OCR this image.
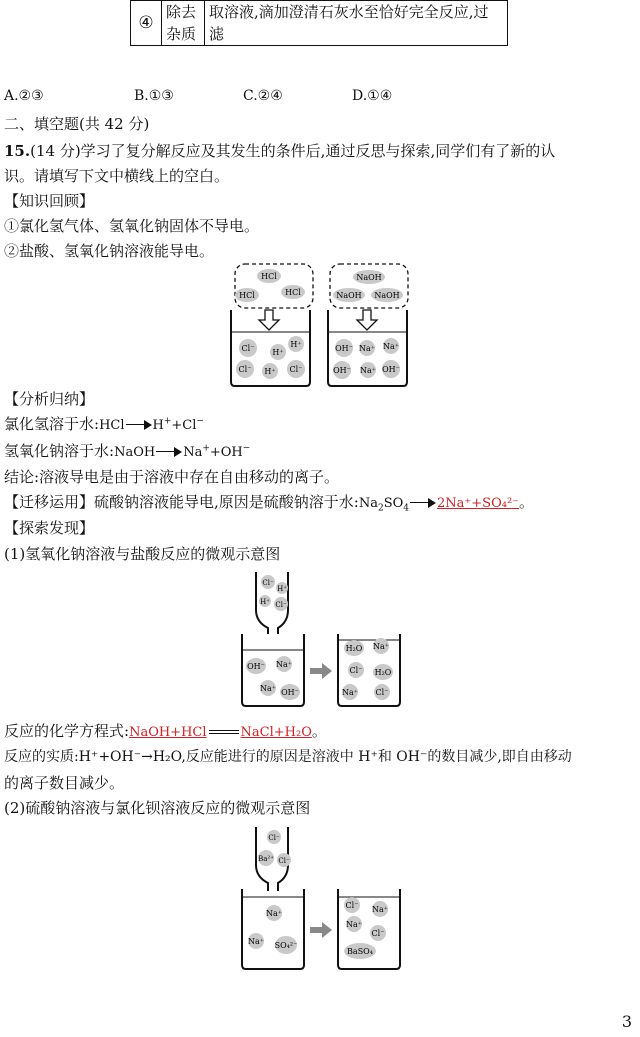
④	除去杂质	取溶液,滴加澄清石灰水至恰好完全反应,过滤
A.②③	B.①③	C.②④	D.①④
二、填空题(共 42 分)
15.(14 分)学习了复分解反应及其发生的条件后,通过反思与探索,同学们有了新的认
识。请填写下文中横线上的空白。
【知识回顾】
①氯化氢气体、氢氧化钠固体不导电。
②盐酸、氢氧化钠溶液能导电。
HCl
HCl	HCl
NaOH
NaOH NaOH
Cl⁻ H⁺
H⁺
Cl⁻	Cl⁻
H⁺
OH⁻ Na⁺ Na⁺
OH⁻ Na⁺ OH⁻
【分析归纳】
氯化氢溶于水:HCl H++Cl−
氢氧化钠溶于水:NaOH Na++OH−
结论:溶液导电是由于溶液中存在自由移动的离子。
【迁移运用】硫酸钠溶液能导电,原因是硫酸钠溶于水$:Na_2SO_4$ 2Na⁺+SO₄²⁻。
【探索发现】
(1)氢氧化钠溶液与盐酸反应的微观示意图
Cl⁻
H⁺
H⁺ Cl⁻
OH⁻ Na⁺
Na⁺ OH⁻
H₂O Na⁺
Cl⁻ H₂O
Na⁺ Cl⁻
反应的化学方程式:NaOH+HCl	NaCl+H₂O。
反应的实质:H⁺+OH⁻→H₂O,反应能进行的原因是溶液中 H⁺和 OH⁻的数目减少,即自由移动
的离子数目减少。
(2)硫酸钠溶液与氯化钡溶液反应的微观示意图
Cl⁻
Ba²⁺ Cl⁻
Na⁺
Na⁺ SO₄²⁻
Cl⁻ Na⁺
Na⁺
Cl⁻
BaSO₄
3
